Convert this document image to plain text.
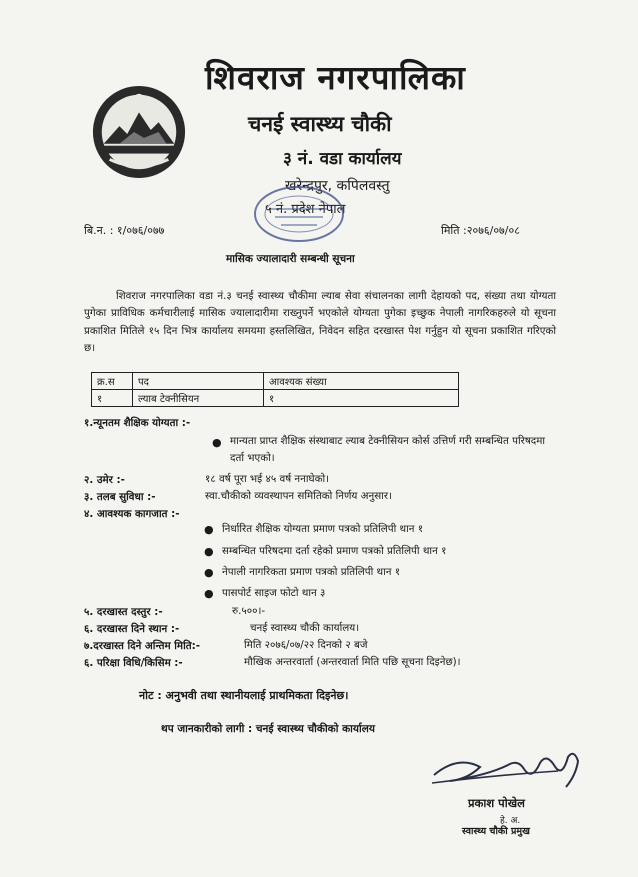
शिवराज नगरपालिका
चनई स्वास्थ्य चौकी
३ नं. वडा कार्यालय
खरेन्द्रपुर, कपिलवस्तु
५ नं. प्रदेश नेपाल
बि.न. : १/०७६/०७७	मिति :२०७६/०७/०८
मासिक ज्यालादारी सम्बन्धी सूचना
शिवराज नगरपालिका वडा नं.३ चनई स्वास्थ्य चौकीमा ल्याब सेवा संचालनका लागी देहायको पद, संख्या तथा योग्यता पुगेका प्राविधिक कर्मचारीलाई मासिक ज्यालादारीमा राख्नुपर्ने भएकोले योग्यता पुगेका इच्छुक नेपाली नागरिकहरुले यो सूचना प्रकाशित मितिले १५ दिन भित्र कार्यालय समयमा हस्तलिखित, निवेदन सहित दरखास्त पेश गर्नुहुन यो सूचना प्रकाशित गरिएको छ।
क्र.स	पद	आवश्यक संख्या
१	ल्याब टेक्नीसियन	१
१.न्यूनतम शैक्षिक योग्यता :-
● मान्यता प्राप्त शैक्षिक संस्थाबाट ल्याब टेक्नीसियन कोर्स उत्तिर्ण गरी सम्बन्धित परिषदमा दर्ता भएको।
२. उमेर :-	१८ वर्ष पूरा भई ४५ वर्ष ननाघेको।
३. तलब सुविधा :-	स्वा.चौकीको व्यवस्थापन समितिको निर्णय अनुसार।
४. आवश्यक कागजात :-
● निर्धारित शैक्षिक योग्यता प्रमाण पत्रको प्रतिलिपी थान १
● सम्बन्धित परिषदमा दर्ता रहेको प्रमाण पत्रको प्रतिलिपी थान १
● नेपाली नागरिकता प्रमाण पत्रको प्रतिलिपी थान १
● पासपोर्ट साइज फोटो थान ३
५. दरखास्त दस्तुर :-	रु.५००।-
६. दरखास्त दिने स्थान :-	चनई स्वास्थ्य चौकी कार्यालय।
७.दरखास्त दिने अन्तिम मिति:-	मिति २०७६/०७/२२ दिनको २ बजे
६. परिक्षा विधि/किसिम :-	मौखिक अन्तरवार्ता (अन्तरवार्ता मिति पछि सूचना दिइनेछ)।
नोट : अनुभवी तथा स्थानीयलाई प्राथमिकता दिइनेछ।
थप जानकारीको लागी : चनई स्वास्थ्य चौकीको कार्यालय
प्रकाश पोखेल
हे. अ.
स्वास्थ्य चौकी प्रमुख
